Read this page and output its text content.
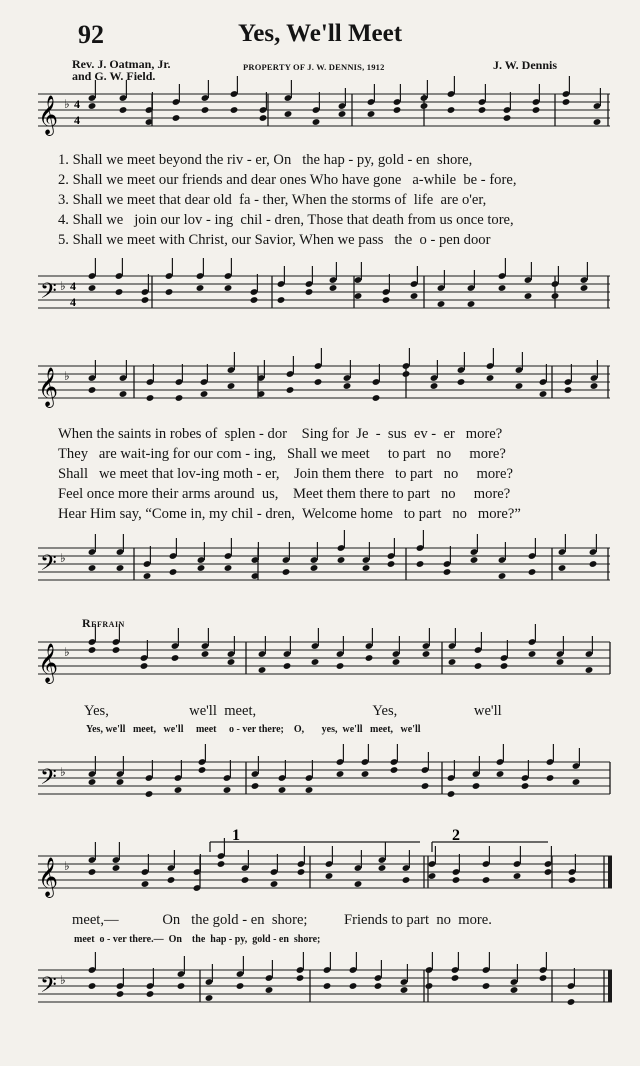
92	Yes, We'll Meet
Rev. J. Oatman, Jr.
and G. W. Field.
PROPERTY OF J. W. DENNIS, 1912	J. W. Dennis
𝄞 ♭ 4
4
1. Shall we meet beyond the riv - er, On   the hap - py, gold - en  shore,
2. Shall we meet our friends and dear ones Who have gone   a-while  be - fore,
3. Shall we meet that dear old  fa - ther, When the storms of  life  are o'er,
4. Shall we   join our lov - ing  chil - dren, Those that death from us once tore,
5. Shall we meet with Christ, our Savior, When we pass   the  o - pen door
𝄢 ♭ 4
4
𝄞 ♭
When the saints in robes of  splen - dor    Sing for  Je  -  sus  ev -  er   more?
They   are wait-ing for our com - ing,   Shall we meet     to part   no     more?
Shall   we meet that lov-ing moth - er,    Join them there   to part   no     more?
Feel once more their arms around  us,    Meet them there to part   no     more?
Hear Him say, “Come in, my chil - dren,  Welcome home   to part   no   more?”
𝄢 ♭
Refrain
𝄞 ♭
Yes,                      we'll  meet,                                Yes,                     we'll
Yes, we'll   meet,   we'll     meet     o - ver there;    O,       yes,  we'll   meet,   we'll
𝄢 ♭
𝄞 ♭
1	2
meet,—            On   the gold - en  shore;          Friends to part  no  more.
meet  o - ver there.—  On    the  hap - py,  gold - en  shore;
𝄢 ♭
